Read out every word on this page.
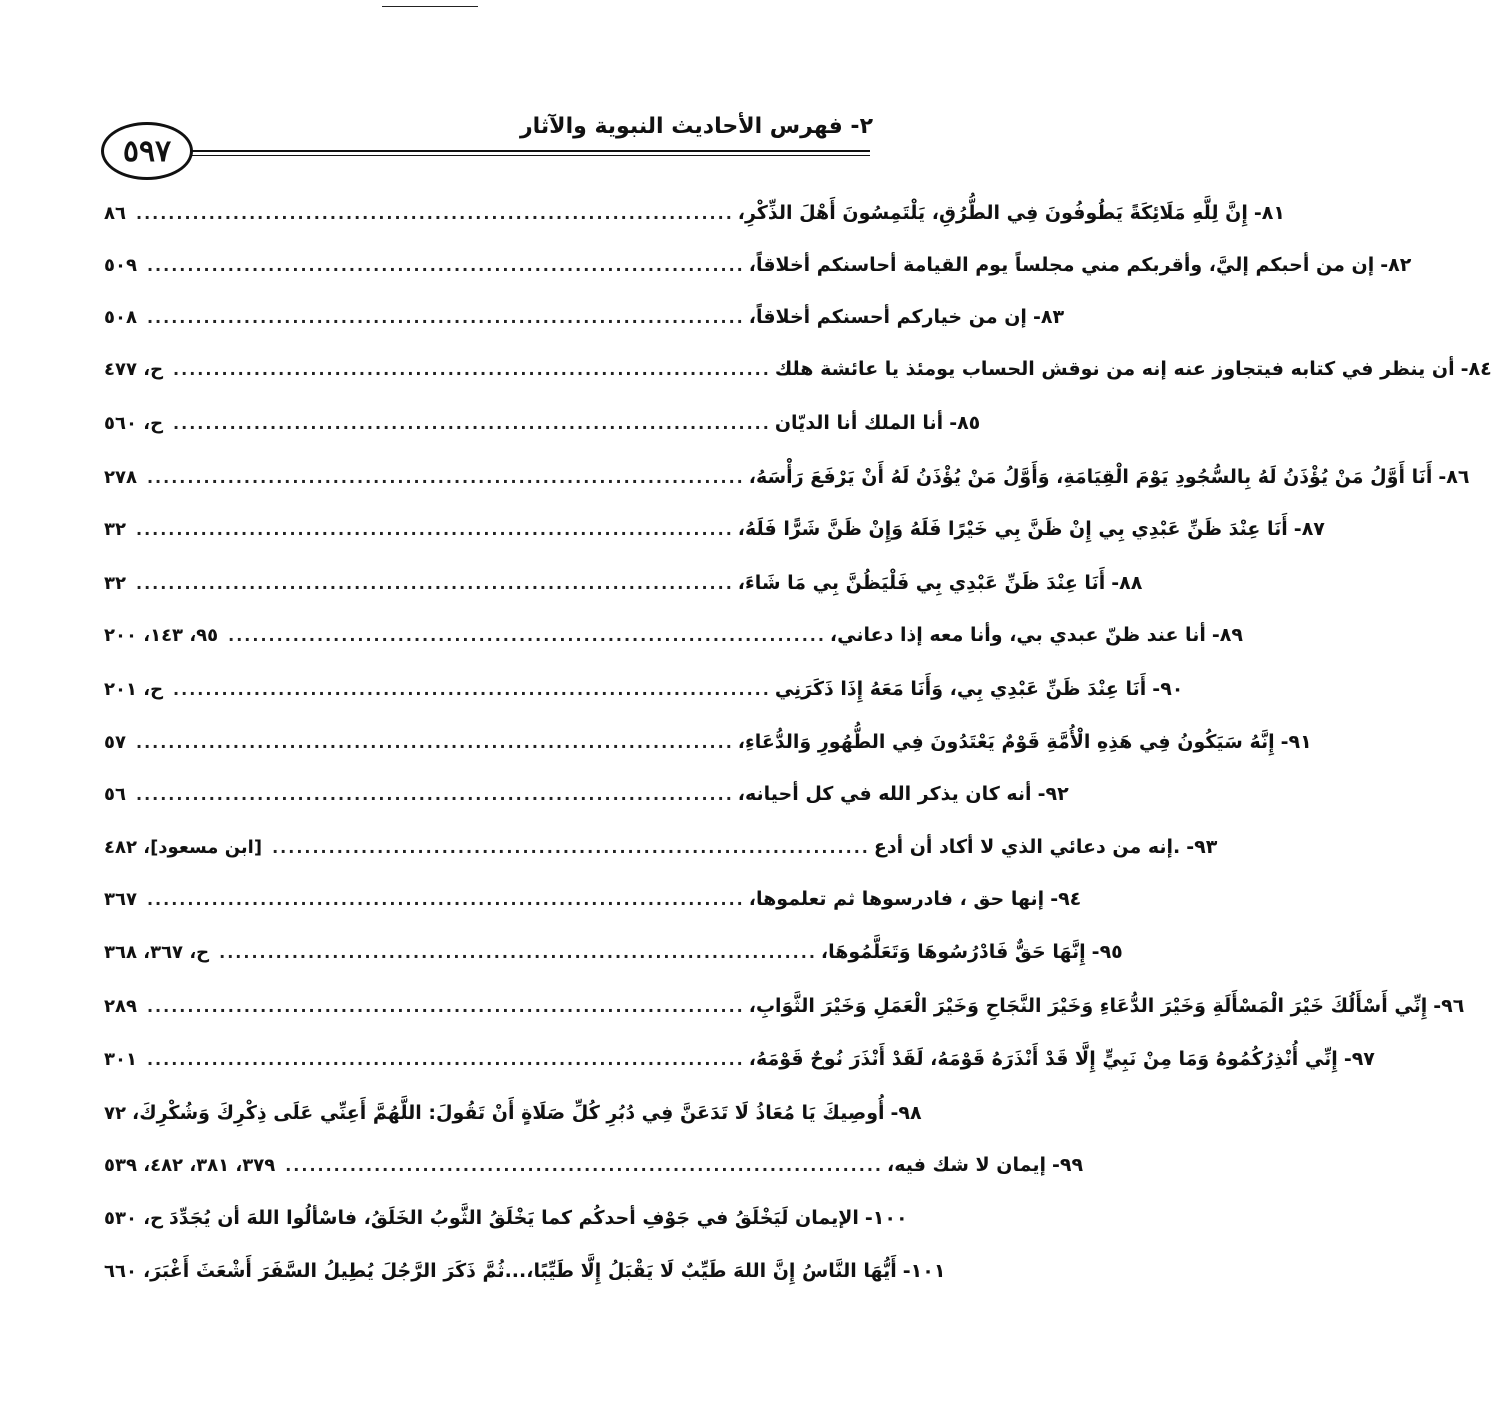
٥٩٧
٢- فهرس الأحاديث النبوية والآثار
٨٦ .......................................................................... إِنَّ لِلَّهِ مَلَائِكَةً يَطُوفُونَ فِي الطُّرُقِ، يَلْتَمِسُونَ أَهْلَ الذِّكْرِ، ٨١-
٥٠٩ .......................................................................... إن من أحبكم إليَّ، وأقربكم مني مجلساً يوم القيامة أحاسنكم أخلاقاً، ٨٢-
٥٠٨ .......................................................................... إن من خياركم أحسنكم أخلاقاً، ٨٣-
ح، ٤٧٧ .......................................................................... أن ينظر في كتابه فيتجاوز عنه إنه من نوقش الحساب يومئذ يا عائشة هلك ٨٤-
ح، ٥٦٠ .......................................................................... أنا الملك أنا الديّان ٨٥-
٢٧٨ .......................................................................... أَنَا أَوَّلُ مَنْ يُؤْذَنُ لَهُ بِالسُّجُودِ يَوْمَ الْقِيَامَةِ، وَأَوَّلُ مَنْ يُؤْذَنُ لَهُ أَنْ يَرْفَعَ رَأْسَهُ، ٨٦-
٣٢ .......................................................................... أَنَا عِنْدَ ظَنِّ عَبْدِي بِي إِنْ ظَنَّ بِي خَيْرًا فَلَهُ وَإِنْ ظَنَّ شَرًّا فَلَهُ، ٨٧-
٣٢ .......................................................................... أَنَا عِنْدَ ظَنِّ عَبْدِي بِي فَلْيَظُنَّ بِي مَا شَاءَ، ٨٨-
٩٥، ١٤٣، ٢٠٠ .......................................................................... أنا عند ظنّ عبدي بي، وأنا معه إذا دعاني، ٨٩-
ح، ٢٠١ .......................................................................... أَنَا عِنْدَ ظَنِّ عَبْدِي بِي، وَأَنَا مَعَهُ إِذَا ذَكَرَنِي ٩٠-
٥٧ .......................................................................... إِنَّهُ سَيَكُونُ فِي هَذِهِ الْأُمَّةِ قَوْمٌ يَعْتَدُونَ فِي الطُّهُورِ وَالدُّعَاءِ، ٩١-
٥٦ .......................................................................... أنه كان يذكر الله في كل أحيانه، ٩٢-
[ابن مسعود]، ٤٨٢ .......................................................................... .إنه من دعائي الذي لا أكاد أن أدع ٩٣-
٣٦٧ .......................................................................... إنها حق ، فادرسوها ثم تعلموها، ٩٤-
ح، ٣٦٧، ٣٦٨ .......................................................................... إِنَّهَا حَقٌّ فَادْرُسُوهَا وَتَعَلَّمُوهَا، ٩٥-
٢٨٩ .......................................................................... إِنِّي أَسْأَلُكَ خَيْرَ الْمَسْأَلَةِ وَخَيْرَ الدُّعَاءِ وَخَيْرَ النَّجَاحِ وَخَيْرَ الْعَمَلِ وَخَيْرَ الثَّوَابِ، ٩٦-
٣٠١ .......................................................................... إِنِّي أُنْذِرُكُمُوهُ وَمَا مِنْ نَبِيٍّ إِلَّا قَدْ أَنْذَرَهُ قَوْمَهُ، لَقَدْ أَنْذَرَ نُوحٌ قَوْمَهُ، ٩٧-
٧٢ أُوصِيكَ يَا مُعَاذُ لَا تَدَعَنَّ فِي دُبُرِ كُلِّ صَلَاةٍ أَنْ تَقُولَ: اللَّهُمَّ أَعِنِّي عَلَى ذِكْرِكَ وَشُكْرِكَ، ٩٨-
٣٧٩، ٣٨١، ٤٨٢، ٥٣٩ .......................................................................... إيمان لا شك فيه، ٩٩-
ح، ٥٣٠ الإيمان لَيَخْلَقُ في جَوْفِ أحدكُم كما يَخْلَقُ الثَّوبُ الخَلَقُ، فاسْألُوا اللهَ أن يُجَدِّدَ ١٠٠-
٦٦٠ أَيُّهَا النَّاسُ إِنَّ اللهَ طَيِّبٌ لَا يَقْبَلُ إِلَّا طَيِّبًا،...ثُمَّ ذَكَرَ الرَّجُلَ يُطِيلُ السَّفَرَ أَشْعَثَ أَغْبَرَ، ١٠١-
